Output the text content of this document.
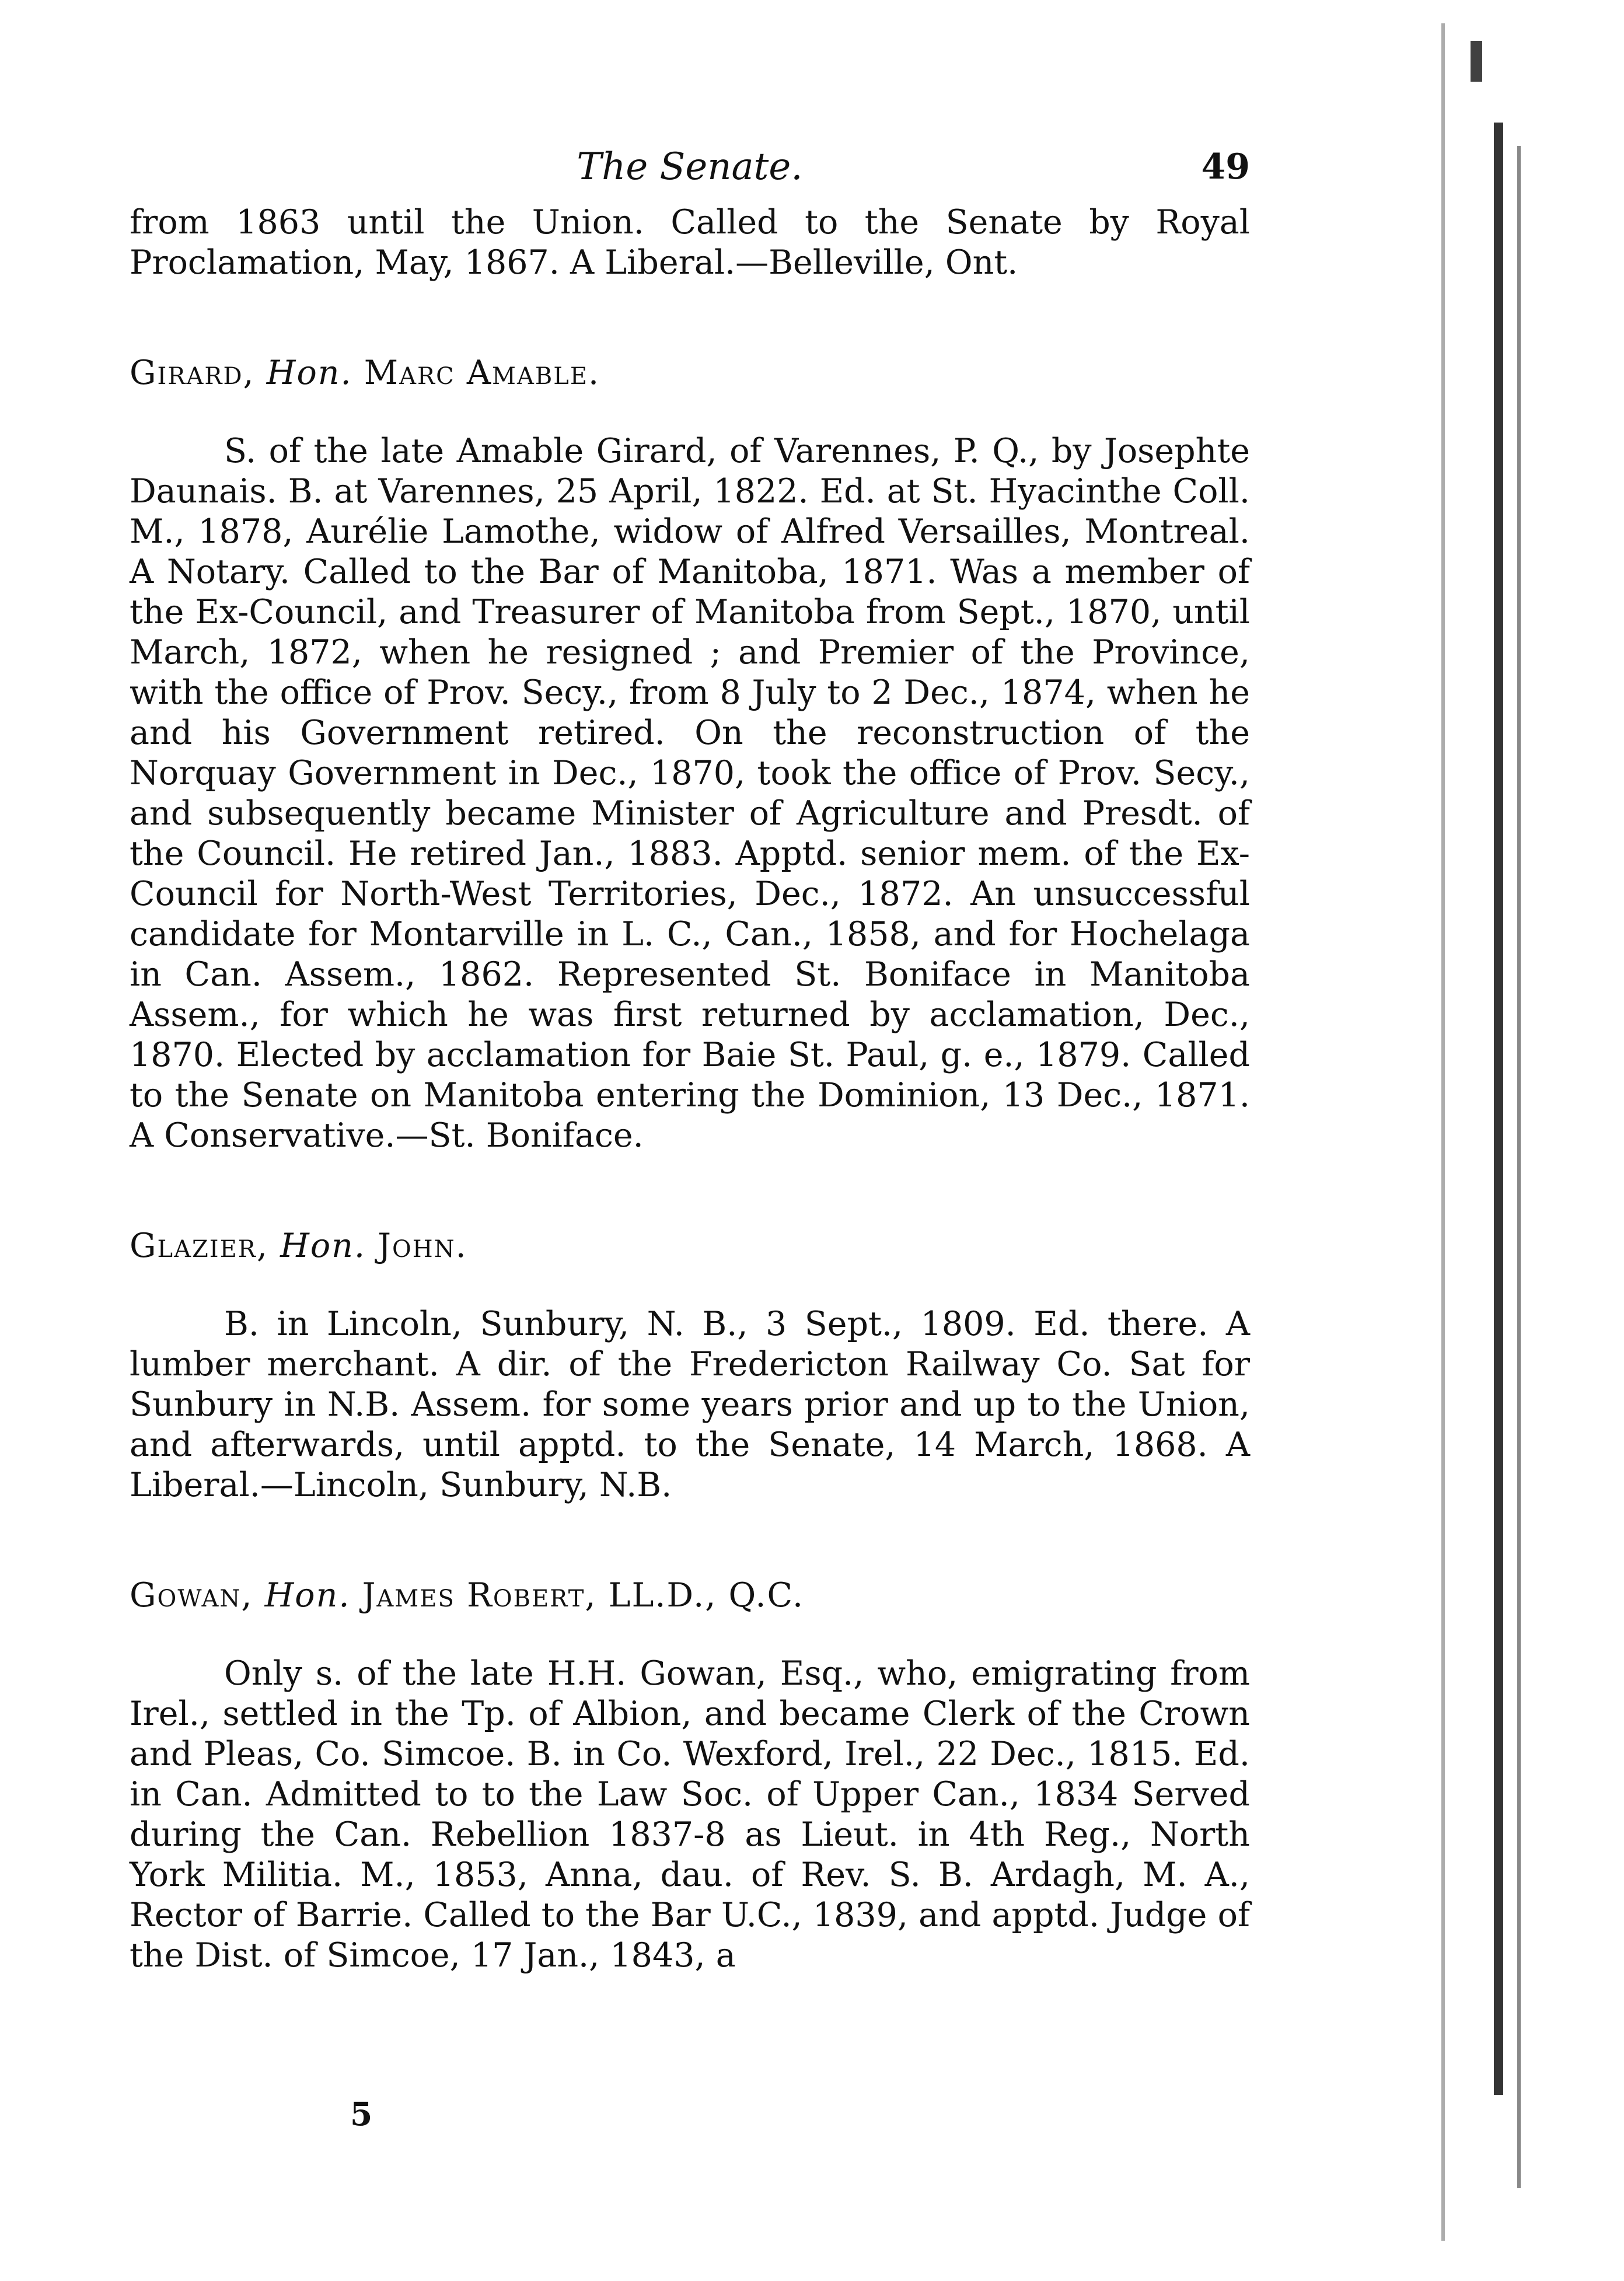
The Senate.	49

from 1863 until the Union. Called to the Senate by Royal Proclamation, May, 1867. A Liberal.—Belleville, Ont.

Girard, Hon. Marc Amable.

S. of the late Amable Girard, of Varennes, P. Q., by Josephte Daunais. B. at Varennes, 25 April, 1822. Ed. at St. Hyacinthe Coll. M., 1878, Aurélie Lamothe, widow of Alfred Versailles, Montreal. A Notary. Called to the Bar of Manitoba, 1871. Was a member of the Ex-Council, and Treasurer of Manitoba from Sept., 1870, until March, 1872, when he resigned ; and Premier of the Province, with the office of Prov. Secy., from 8 July to 2 Dec., 1874, when he and his Government retired. On the reconstruction of the Norquay Government in Dec., 1870, took the office of Prov. Secy., and subsequently became Minister of Agriculture and Presdt. of the Council. He retired Jan., 1883. Apptd. senior mem. of the Ex-Council for North-West Territories, Dec., 1872. An unsuccessful candidate for Montarville in L. C., Can., 1858, and for Hochelaga in Can. Assem., 1862. Represented St. Boniface in Manitoba Assem., for which he was first returned by acclamation, Dec., 1870. Elected by acclamation for Baie St. Paul, g. e., 1879. Called to the Senate on Manitoba entering the Dominion, 13 Dec., 1871. A Conservative.—St. Boniface.

Glazier, Hon. John.

B. in Lincoln, Sunbury, N. B., 3 Sept., 1809. Ed. there. A lumber merchant. A dir. of the Fredericton Railway Co. Sat for Sunbury in N.B. Assem. for some years prior and up to the Union, and afterwards, until apptd. to the Senate, 14 March, 1868. A Liberal.—Lincoln, Sunbury, N.B.

Gowan, Hon. James Robert, LL.D., Q.C.

Only s. of the late H.H. Gowan, Esq., who, emigrating from Irel., settled in the Tp. of Albion, and became Clerk of the Crown and Pleas, Co. Simcoe. B. in Co. Wexford, Irel., 22 Dec., 1815. Ed. in Can. Admitted to to the Law Soc. of Upper Can., 1834 Served during the Can. Rebellion 1837-8 as Lieut. in 4th Reg., North York Militia. M., 1853, Anna, dau. of Rev. S. B. Ardagh, M. A., Rector of Barrie. Called to the Bar U.C., 1839, and apptd. Judge of the Dist. of Simcoe, 17 Jan., 1843, a

5
